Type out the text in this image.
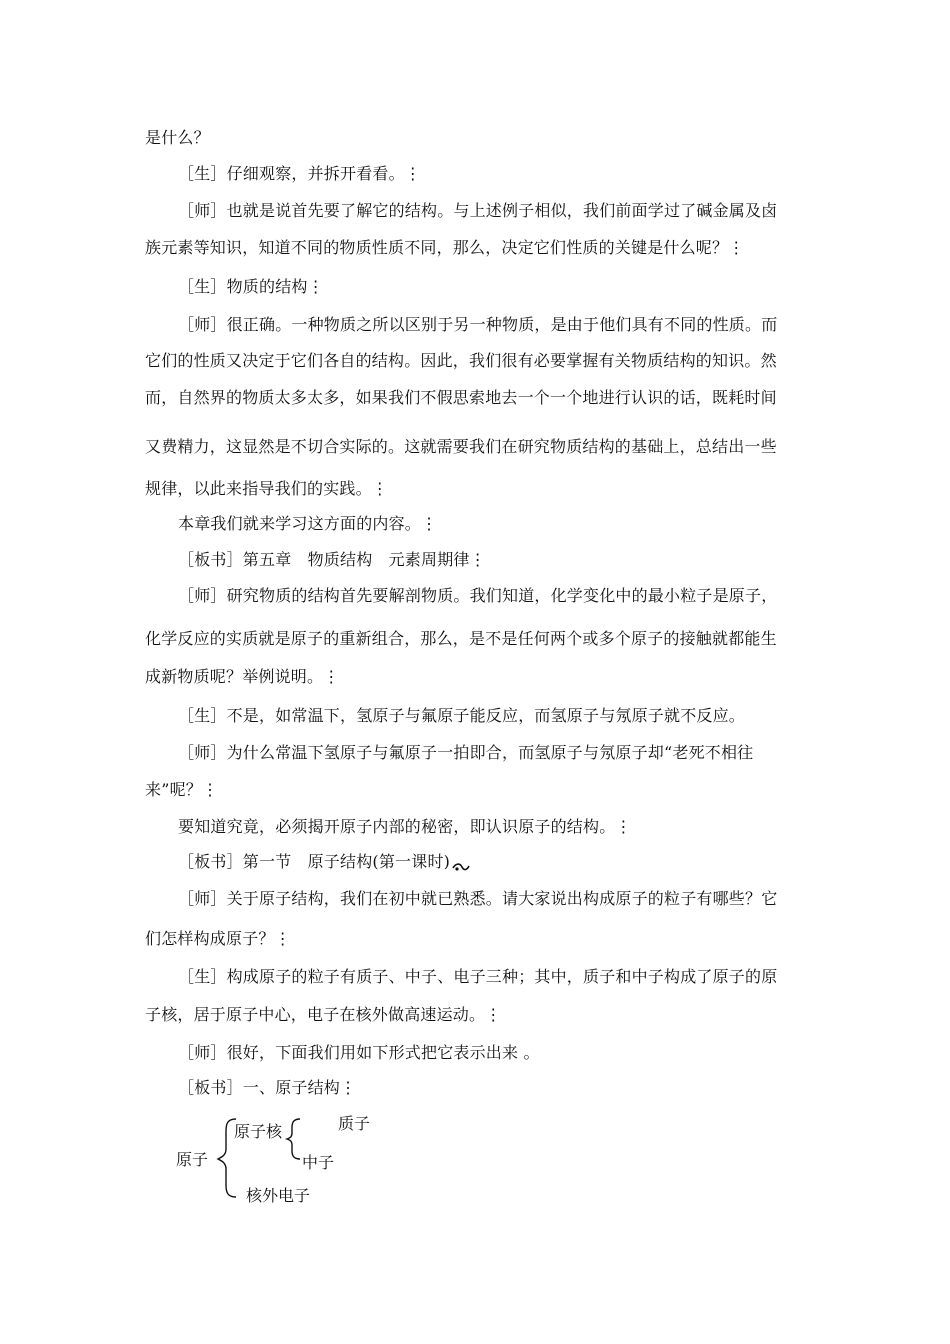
是什么？
［生］仔细观察，并拆开看看。⋮
［师］也就是说首先要了解它的结构。与上述例子相似，我们前面学过了碱金属及卤
族元素等知识，知道不同的物质性质不同，那么，决定它们性质的关键是什么呢？⋮
［生］物质的结构⋮
［师］很正确。一种物质之所以区别于另一种物质，是由于他们具有不同的性质。而
它们的性质又决定于它们各自的结构。因此，我们很有必要掌握有关物质结构的知识。然
而，自然界的物质太多太多，如果我们不假思索地去一个一个地进行认识的话，既耗时间
又费精力，这显然是不切合实际的。这就需要我们在研究物质结构的基础上，总结出一些
规律，以此来指导我们的实践。⋮
本章我们就来学习这方面的内容。⋮
［板书］第五章　物质结构　元素周期律⋮
［师］研究物质的结构首先要解剖物质。我们知道，化学变化中的最小粒子是原子，
化学反应的实质就是原子的重新组合，那么，是不是任何两个或多个原子的接触就都能生
成新物质呢？举例说明。⋮
［生］不是，如常温下，氢原子与氟原子能反应，而氢原子与氖原子就不反应。
［师］为什么常温下氢原子与氟原子一拍即合，而氢原子与氖原子却“老死不相往
来”呢？⋮
要知道究竟，必须揭开原子内部的秘密，即认识原子的结构。⋮
［板书］第一节　原子结构(第一课时)
［师］关于原子结构，我们在初中就已熟悉。请大家说出构成原子的粒子有哪些？它
们怎样构成原子？⋮
［生］构成原子的粒子有质子、中子、电子三种；其中，质子和中子构成了原子的原
子核，居于原子中心，电子在核外做高速运动。⋮
［师］很好，下面我们用如下形式把它表示出来 。
［板书］一、原子结构⋮
原子
原子核	质子
中子
核外电子
